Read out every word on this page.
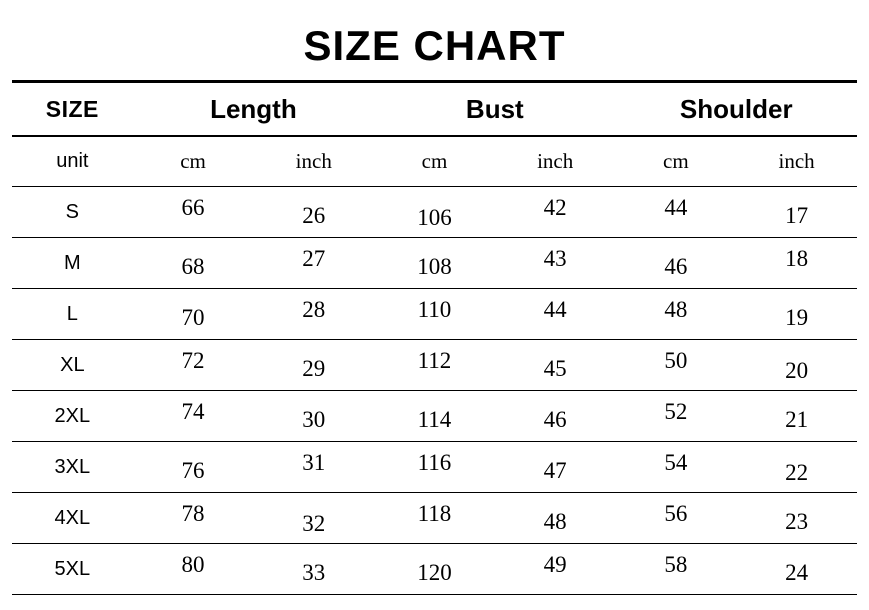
SIZE CHART
SIZE	Length		Bust		Shoulder	
unit	cm	inch	cm	inch	cm	inch
S	66	26	106	42	44	17
M	68	27	108	43	46	18
L	70	28	110	44	48	19
XL	72	29	112	45	50	20
2XL	74	30	114	46	52	21
3XL	76	31	116	47	54	22
4XL	78	32	118	48	56	23
5XL	80	33	120	49	58	24
